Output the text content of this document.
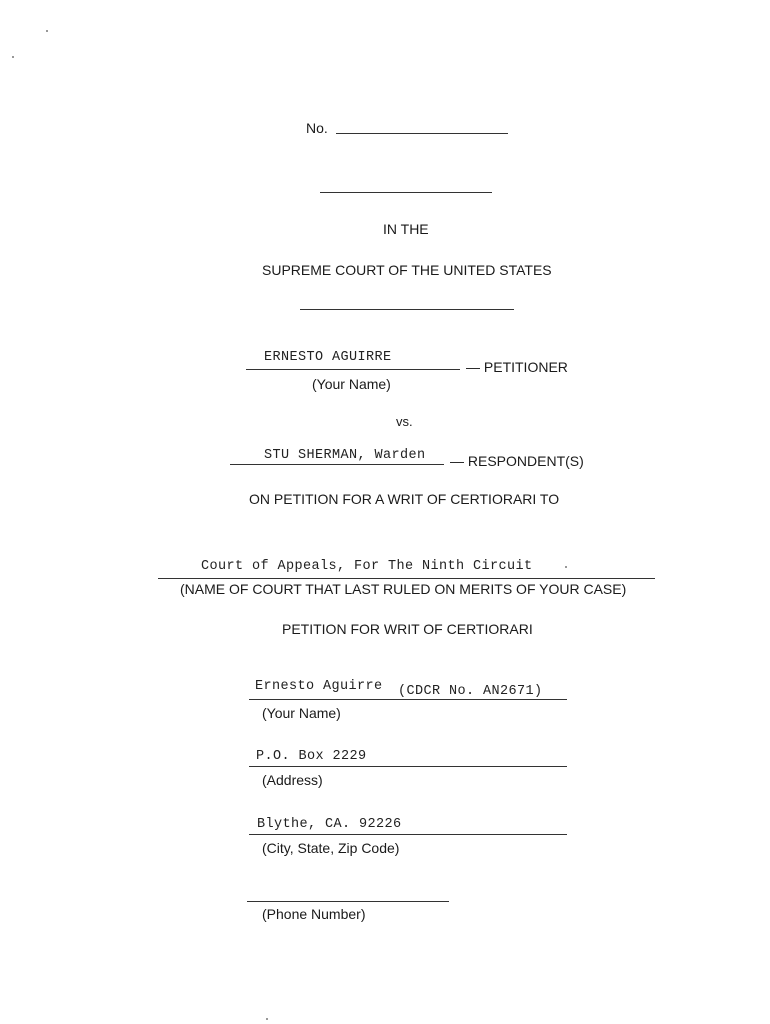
No.
IN THE
SUPREME COURT OF THE UNITED STATES
ERNESTO AGUIRRE
— PETITIONER
(Your Name)
vs.
STU SHERMAN, Warden — RESPONDENT(S)
ON PETITION FOR A WRIT OF CERTIORARI TO
Court of Appeals, For The Ninth Circuit
(NAME OF COURT THAT LAST RULED ON MERITS OF YOUR CASE)
PETITION FOR WRIT OF CERTIORARI
Ernesto Aguirre (CDCR No. AN2671)
(Your Name)
P.O. Box 2229
(Address)
Blythe, CA. 92226
(City, State, Zip Code)
(Phone Number)
